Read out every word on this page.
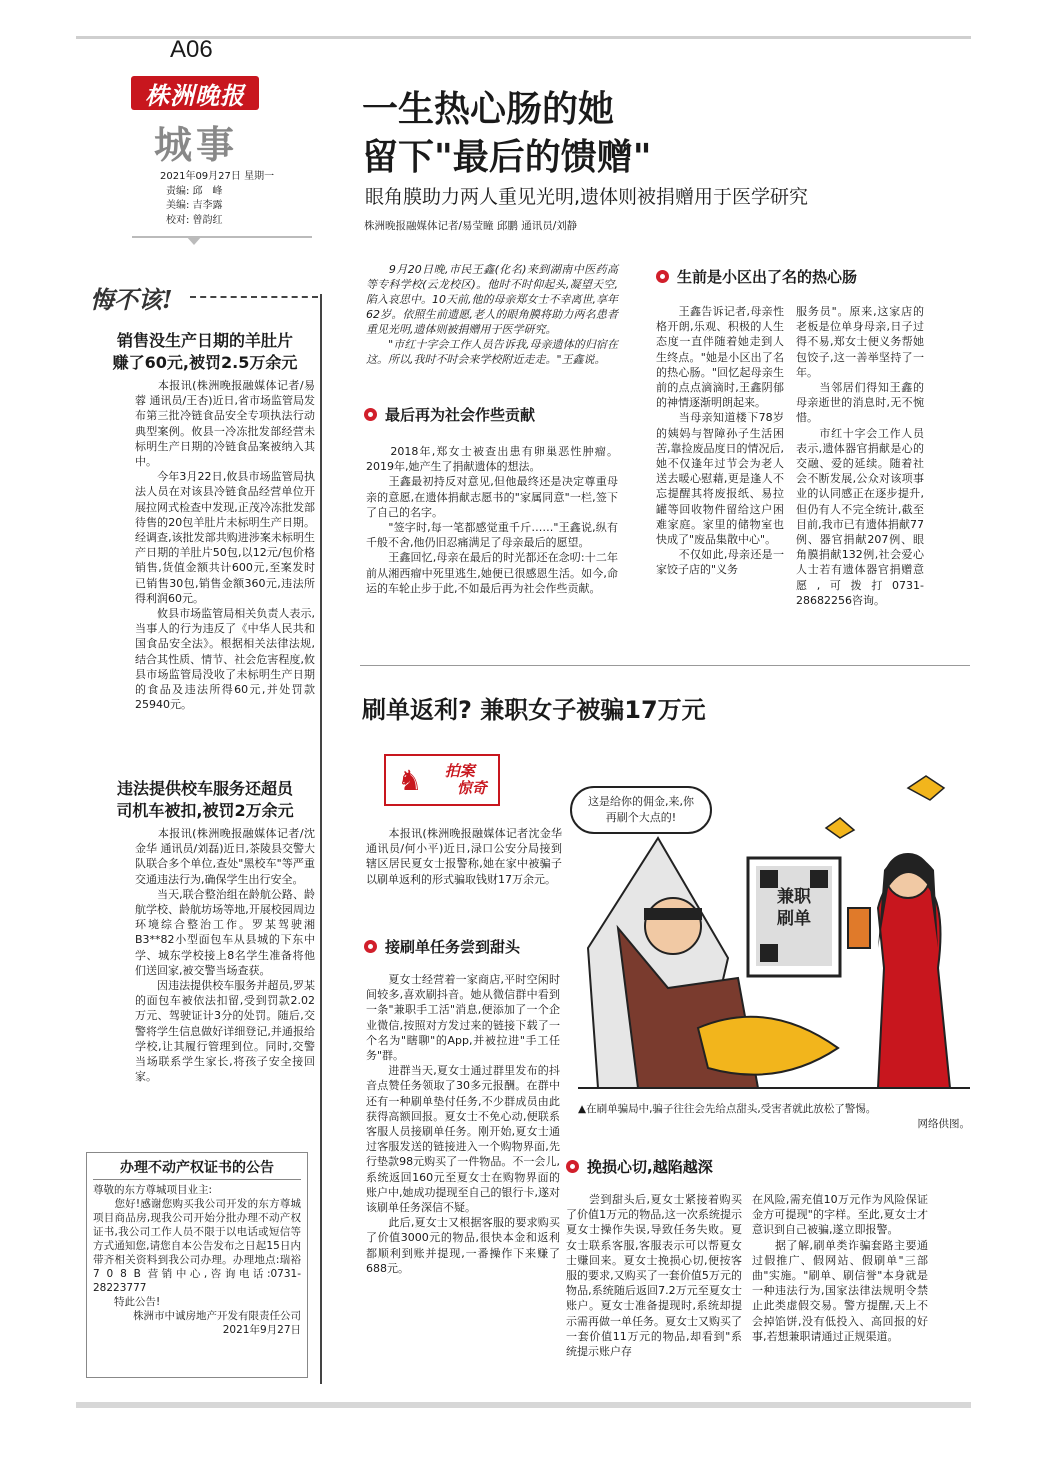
A06
株洲晚报
城事
2021年09月27日 星期一
责编: 邱　峰
美编: 吉李露
校对: 曾韵红
悔不该!
销售没生产日期的羊肚片
赚了60元,被罚2.5万余元

　　本报讯(株洲晚报融媒体记者/易蓉 通讯员/王杏)近日,省市场监管局发布第三批冷链食品安全专项执法行动典型案例。攸县一冷冻批发部经营未标明生产日期的冷链食品案被纳入其中。
　　今年3月22日,攸县市场监管局执法人员在对该县冷链食品经营单位开展拉网式检查中发现,正茂冷冻批发部待售的20包羊肚片未标明生产日期。经调查,该批发部共购进涉案未标明生产日期的羊肚片50包,以12元/包价格销售,货值金额共计600元,至案发时已销售30包,销售金额360元,违法所得利润60元。
　　攸县市场监管局相关负责人表示,当事人的行为违反了《中华人民共和国食品安全法》。根据相关法律法规,结合其性质、情节、社会危害程度,攸县市场监管局没收了未标明生产日期的食品及违法所得60元,并处罚款25940元。

违法提供校车服务还超员
司机车被扣,被罚2万余元

　　本报讯(株洲晚报融媒体记者/沈金华 通讯员/刘磊)近日,茶陵县交警大队联合多个单位,查处"黑校车"等严重交通违法行为,确保学生出行安全。
　　当天,联合整治组在龄航公路、龄航学校、龄航坊场等地,开展校园周边环境综合整治工作。罗某驾驶湘B3**82小型面包车从县城的下东中学、城东学校接上8名学生准备将他们送回家,被交警当场查获。
　　因违法提供校车服务并超员,罗某的面包车被依法扣留,受到罚款2.02万元、驾驶证计3分的处罚。随后,交警将学生信息做好详细登记,并通报给学校,让其履行管理到位。同时,交警当场联系学生家长,将孩子安全接回家。

办理不动产权证书的公告
尊敬的东方尊城项目业主:

　　您好!感谢您购买我公司开发的东方尊城项目商品房,现我公司开始分批办理不动产权证书,我公司工作人员不限于以电话或短信等方式通知您,请您自本公告发布之日起15日内带齐相关资料到我公司办理。办理地点:瑞裕7 0 8 B 营销中心,咨询电话:0731-28223777

　　特此公告!
株洲市中诚房地产开发有限责任公司
2021年9月27日
一生热心肠的她
留下"最后的馈赠"
眼角膜助力两人重见光明,遗体则被捐赠用于医学研究
株洲晚报融媒体记者/易莹瞳 邱鹏 通讯员/刘静

　　9月20日晚,市民王鑫(化名)来到湖南中医药高等专科学校(云龙校区)。他时不时仰起头,凝望天空,陷入哀思中。10天前,他的母亲郑女士不幸离世,享年62岁。依照生前遗愿,老人的眼角膜将助力两名患者重见光明,遗体则被捐赠用于医学研究。
　　"市红十字会工作人员告诉我,母亲遗体的归宿在这。所以,我时不时会来学校附近走走。"王鑫说。

最后再为社会作些贡献

　　2018年,郑女士被查出患有卵巢恶性肿瘤。2019年,她产生了捐献遗体的想法。
　　王鑫最初持反对意见,但他最终还是决定尊重母亲的意愿,在遗体捐献志愿书的"家属同意"一栏,签下了自己的名字。
　　"签字时,每一笔都感觉重千斤……"王鑫说,纵有千般不舍,他仍旧忍痛满足了母亲最后的愿望。
　　王鑫回忆,母亲在最后的时光都还在念叨:十二年前从湘西瘤中死里逃生,她便已很感恩生活。如今,命运的车轮止步于此,不如最后再为社会作些贡献。

生前是小区出了名的热心肠

　　王鑫告诉记者,母亲性格开朗,乐观、积极的人生态度一直伴随着她走到人生终点。"她是小区出了名的热心肠。"回忆起母亲生前的点点滴滴时,王鑫阴郁的神情逐渐明朗起来。
　　当母亲知道楼下78岁的姨妈与智障孙子生活困苦,靠捡废品度日的情况后,她不仅逢年过节会为老人送去暖心慰藉,更是逢人不忘提醒其将废报纸、易拉罐等回收物件留给这户困难家庭。家里的储物室也快成了"废品集散中心"。
　　不仅如此,母亲还是一家饺子店的"义务

服务员"。原来,这家店的老板是位单身母亲,日子过得不易,郑女士便义务帮她包饺子,这一善举坚持了一年。
　　当邻居们得知王鑫的母亲逝世的消息时,无不惋惜。
　　市红十字会工作人员表示,遗体器官捐献是心的交融、爱的延续。随着社会不断发展,公众对该项事业的认同感正在逐步提升,但仍有人不完全统计,截至目前,我市已有遗体捐献77例、器官捐献207例、眼角膜捐献132例,社会爱心人士若有遗体器官捐赠意愿,可拨打0731-28682256咨询。

刷单返利? 兼职女子被骗17万元
♞ 拍案
惊奇

　　本报讯(株洲晚报融媒体记者沈金华 通讯员/何小平)近日,渌口公安分局接到辖区居民夏女士报警称,她在家中被骗子以刷单返利的形式骗取钱财17万余元。

接刷单任务尝到甜头

　　夏女士经营着一家商店,平时空闲时间较多,喜欢刷抖音。她从微信群中看到一条"兼职手工活"消息,便添加了一个企业微信,按照对方发过来的链接下载了一个名为"瞎聊"的App,并被拉进"手工任务"群。
　　进群当天,夏女士通过群里发布的抖音点赞任务领取了30多元报酬。在群中还有一种刷单垫付任务,不少群成员由此获得高额回报。夏女士不免心动,便联系客服人员接刷单任务。刚开始,夏女士通过客服发送的链接进入一个购物界面,先行垫款98元购买了一件物品。不一会儿,系统返回160元至夏女士在购物界面的账户中,她成功提现至自己的银行卡,遂对该刷单任务深信不疑。
　　此后,夏女士又根据客服的要求购买了价值3000元的物品,很快本金和返利都顺利到账并提现,一番操作下来赚了688元。

这是给你的佣金,来,你再刷个大点的!
兼职
刷单
▲在刷单骗局中,骗子往往会先给点甜头,受害者就此放松了警惕。
网络供图。
挽损心切,越陷越深

　　尝到甜头后,夏女士紧接着购买了价值1万元的物品,这一次系统提示夏女士操作失误,导致任务失败。夏女士联系客服,客服表示可以帮夏女士赚回来。夏女士挽损心切,便按客服的要求,又购买了一套价值5万元的物品,系统随后返回7.2万元至夏女士账户。夏女士准备提现时,系统却提示需再做一单任务。夏女士又购买了一套价值11万元的物品,却看到"系统提示账户存

在风险,需充值10万元作为风险保证金方可提现"的字样。至此,夏女士才意识到自己被骗,遂立即报警。
　　据了解,刷单类诈骗套路主要通过假推广、假网站、假刷单"三部曲"实施。"刷单、刷信誉"本身就是一种违法行为,国家法律法规明令禁止此类虚假交易。警方提醒,天上不会掉馅饼,没有低投入、高回报的好事,若想兼职请通过正规渠道。
